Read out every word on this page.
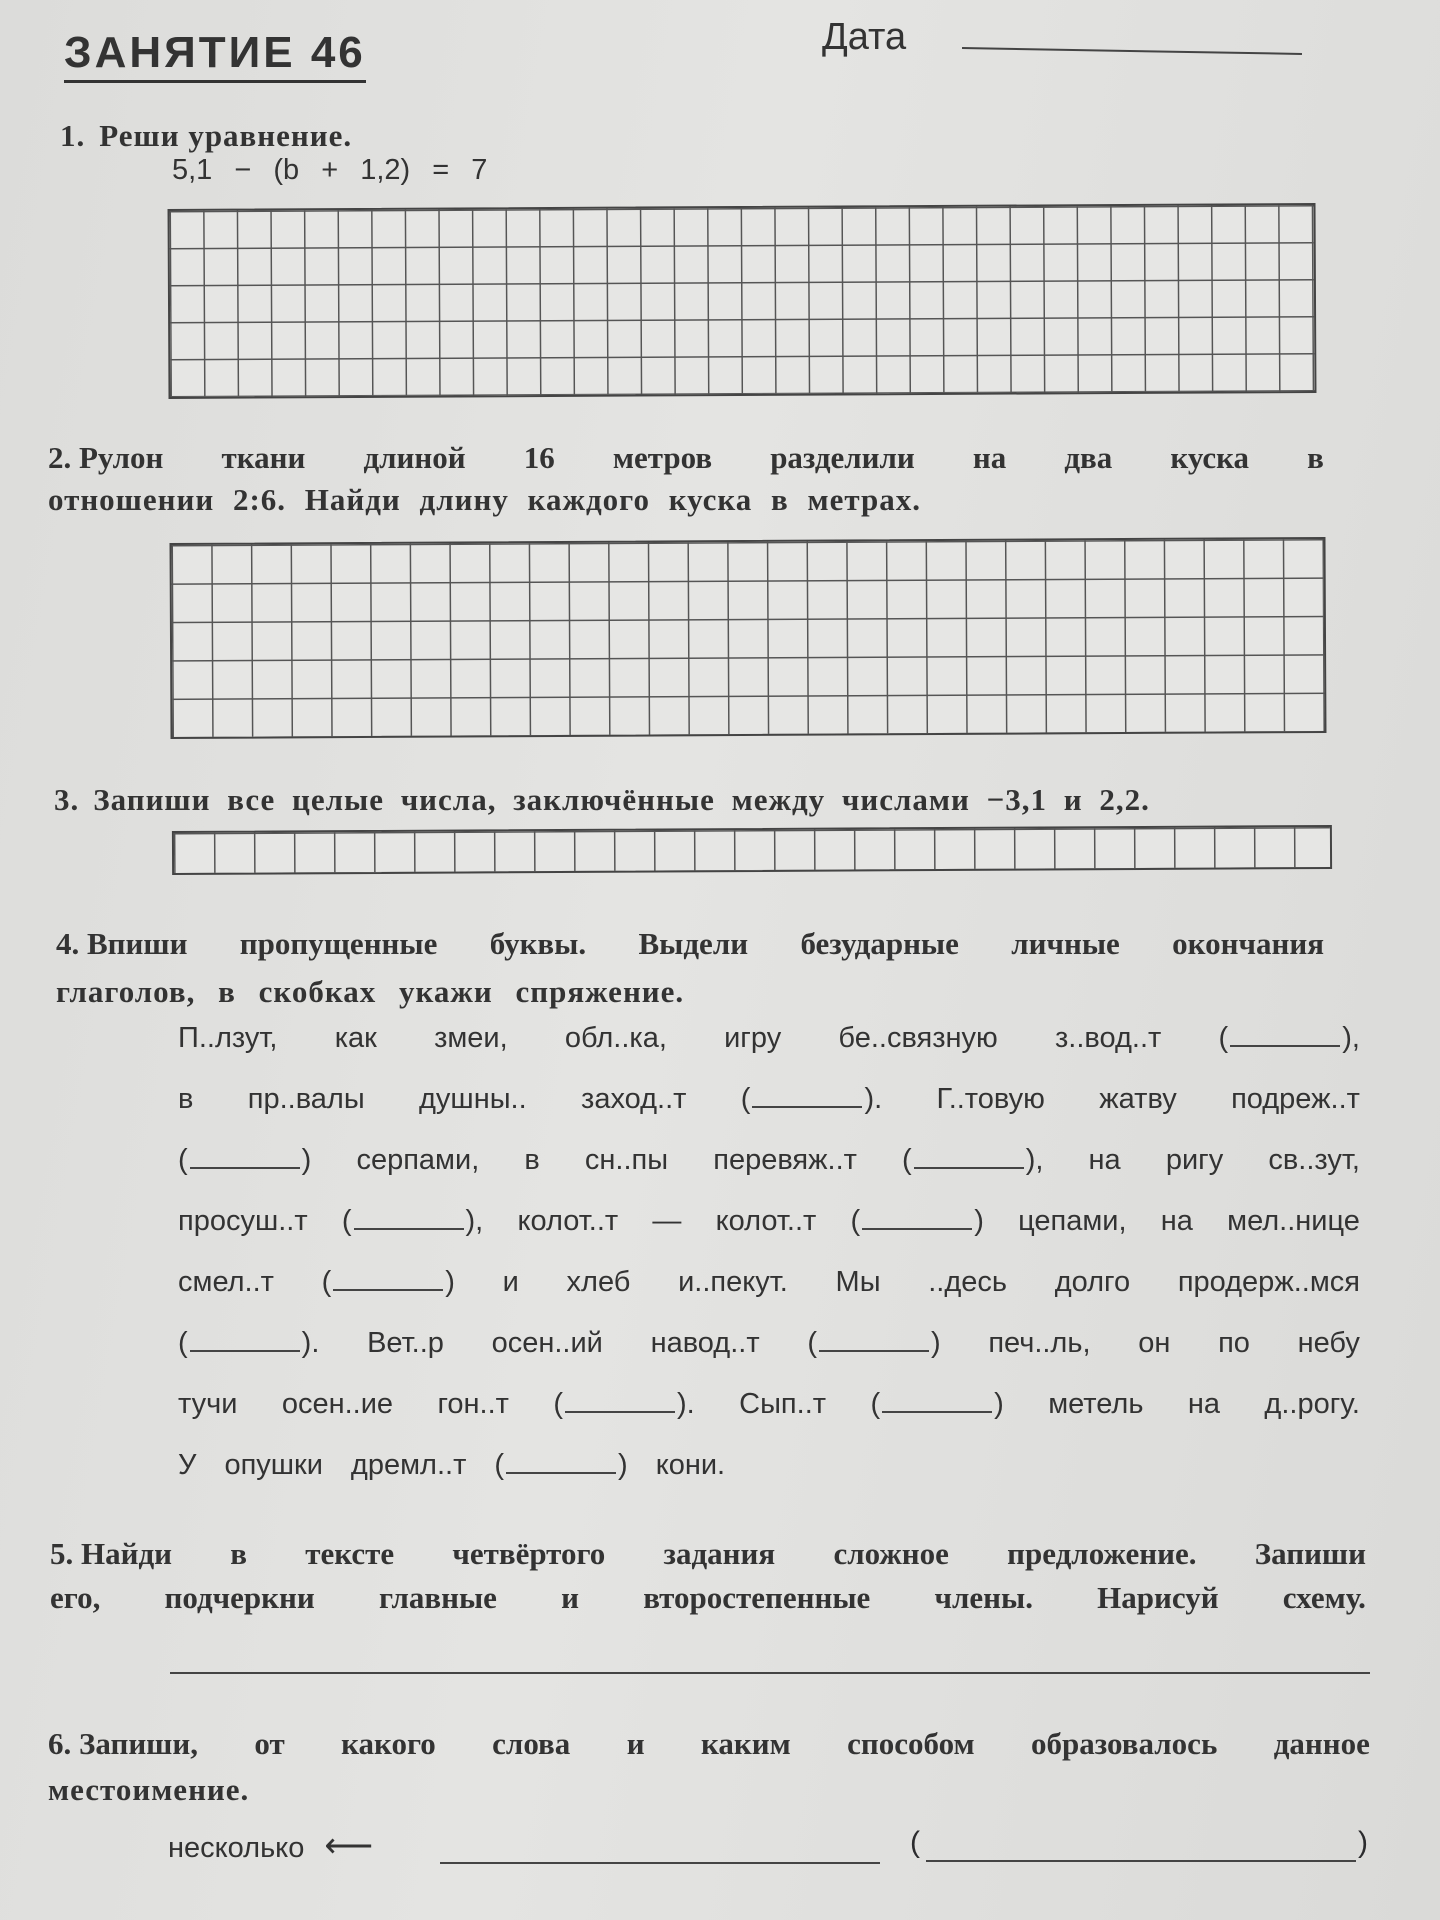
ЗАНЯТИЕ 46	Дата
1. Реши уравнение.
5,1 − (b + 1,2) = 7
2. Рулон ткани длиной 16 метров разделили на два куска в
отношении 2:6. Найди длину каждого куска в метрах.
3. Запиши все целые числа, заключённые между числами −3,1 и 2,2.
4. Впиши пропущенные буквы. Выдели безударные личные окончания
глаголов, в скобках укажи спряжение.
П..лзут, как змеи, обл..ка, игру бе..связную з..вод..т (	),
в пр..валы душны.. заход..т (	). Г..товую жатву подреж..т
(	) серпами, в сн..пы перевяж..т (	), на ригу св..зут,
просуш..т (	), колот..т — колот..т (	) цепами, на мел..нице
смел..т (	) и хлеб и..пекут. Мы ..десь долго продерж..мся
(	). Вет..р осен..ий навод..т (	) печ..ль, он по небу
тучи осен..ие гон..т (	). Сып..т (	) метель на д..рогу.
У опушки дремл..т (	) кони.
5. Найди в тексте четвёртого задания сложное предложение. Запиши
его, подчеркни главные и второстепенные члены. Нарисуй схему.
6. Запиши, от какого слова и каким способом образовалось данное
местоимение.
несколько ⟵	(	)
